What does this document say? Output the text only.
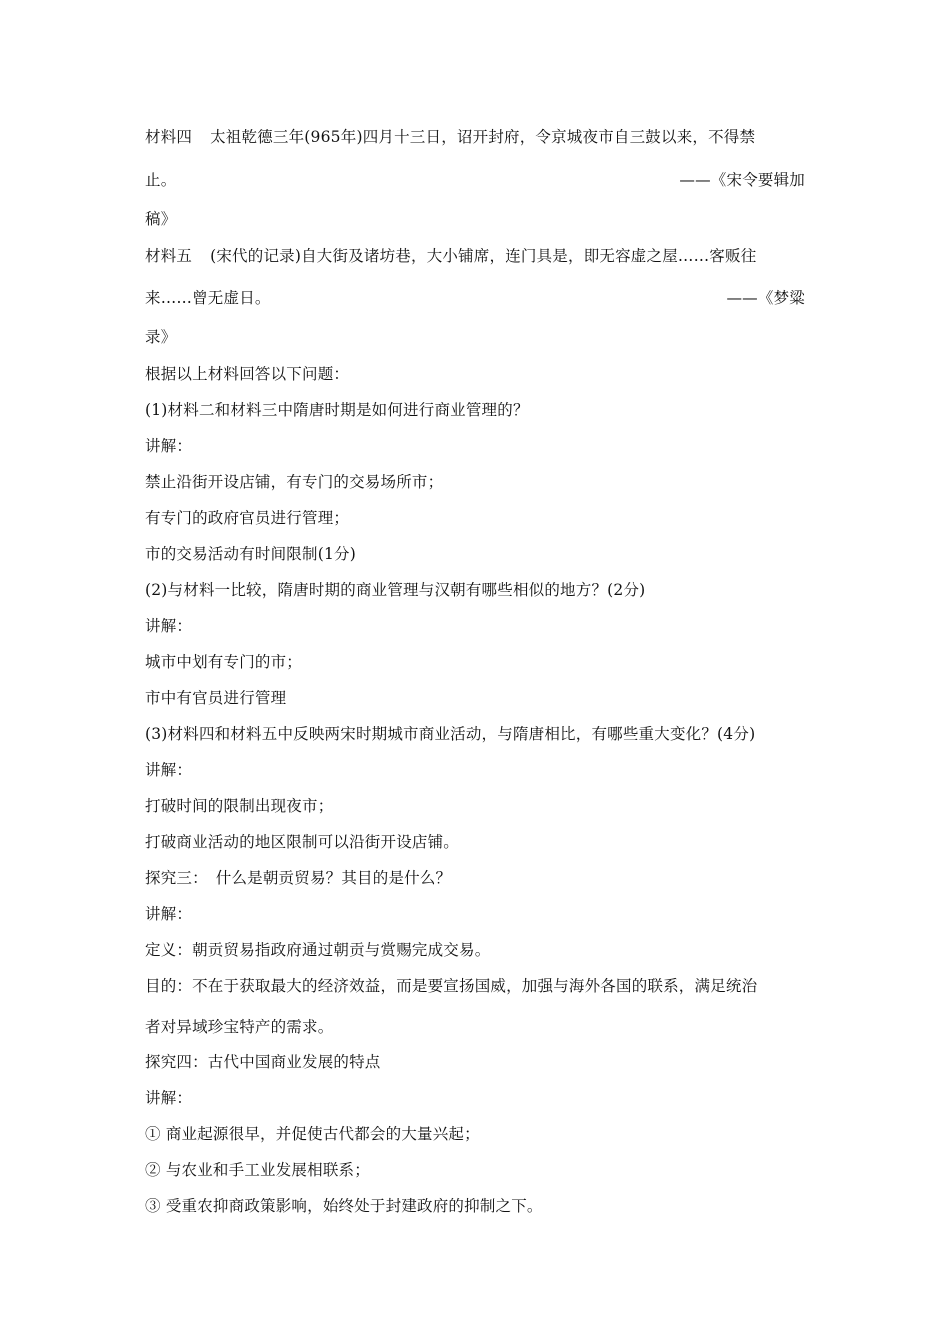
材料四 太祖乾德三年(965年)四月十三日，诏开封府，令京城夜市自三鼓以来，不得禁
止。	——《宋令要辑加
稿》
材料五 (宋代的记录)自大街及诸坊巷，大小铺席，连门具是，即无容虚之屋……客贩往
来……曾无虚日。	——《梦粱
录》
根据以上材料回答以下问题：
(1)材料二和材料三中隋唐时期是如何进行商业管理的？
讲解：
禁止沿街开设店铺，有专门的交易场所市；
有专门的政府官员进行管理；
市的交易活动有时间限制(1分)
(2)与材料一比较，隋唐时期的商业管理与汉朝有哪些相似的地方？(2分)
讲解：
城市中划有专门的市；
市中有官员进行管理
(3)材料四和材料五中反映两宋时期城市商业活动，与隋唐相比，有哪些重大变化？(4分)
讲解：
打破时间的限制出现夜市；
打破商业活动的地区限制可以沿街开设店铺。
探究三：　什么是朝贡贸易？其目的是什么？
讲解：
定义：朝贡贸易指政府通过朝贡与赏赐完成交易。
目的：不在于获取最大的经济效益，而是要宣扬国威，加强与海外各国的联系，满足统治
者对异域珍宝特产的需求。
探究四：古代中国商业发展的特点
讲解：
① 商业起源很早，并促使古代都会的大量兴起；
② 与农业和手工业发展相联系；
③ 受重农抑商政策影响，始终处于封建政府的抑制之下。
